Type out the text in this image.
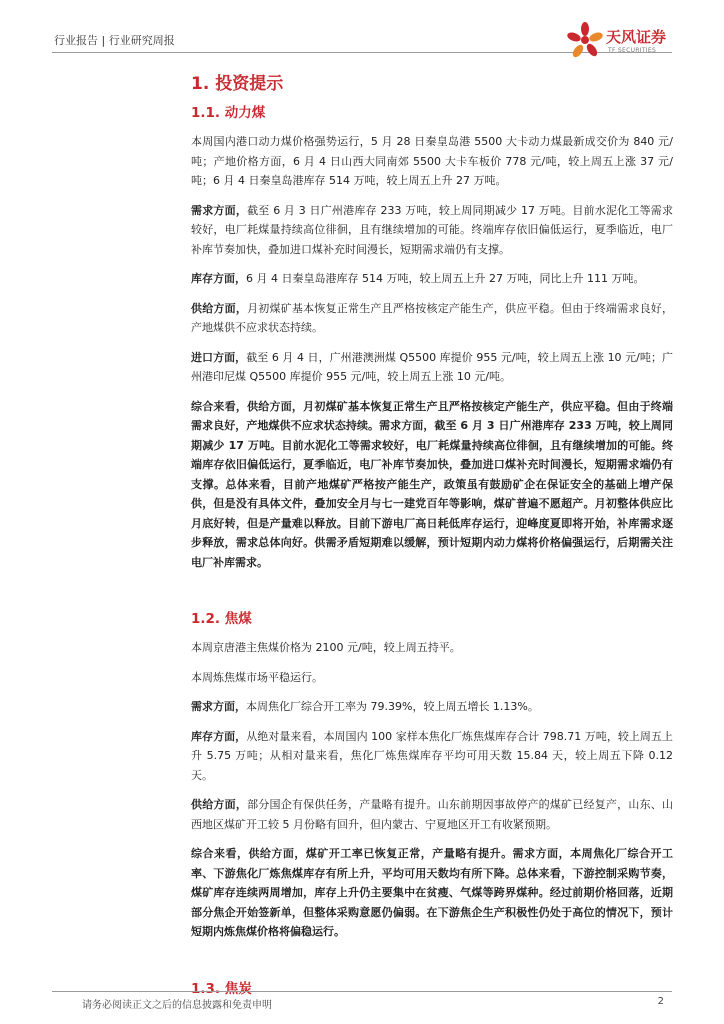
行业报告 | 行业研究周报	天风证券
TF SECURITIES
1. 投资提示
1.1. 动力煤

本周国内港口动力煤价格强势运行，5 月 28 日秦皇岛港 5500 大卡动力煤最新成交价为 840 元/吨；产地价格方面，6 月 4 日山西大同南郊 5500 大卡车板价 778 元/吨，较上周五上涨 37 元/吨；6 月 4 日秦皇岛港库存 514 万吨，较上周五上升 27 万吨。

需求方面，截至 6 月 3 日广州港库存 233 万吨，较上周同期减少 17 万吨。目前水泥化工等需求较好，电厂耗煤量持续高位徘徊，且有继续增加的可能。终端库存依旧偏低运行，夏季临近，电厂补库节奏加快，叠加进口煤补充时间漫长，短期需求端仍有支撑。

库存方面，6 月 4 日秦皇岛港库存 514 万吨，较上周五上升 27 万吨，同比上升 111 万吨。

供给方面，月初煤矿基本恢复正常生产且严格按核定产能生产，供应平稳。但由于终端需求良好，产地煤供不应求状态持续。

进口方面，截至 6 月 4 日，广州港澳洲煤 Q5500 库提价 955 元/吨，较上周五上涨 10 元/吨；广州港印尼煤 Q5500 库提价 955 元/吨，较上周五上涨 10 元/吨。

综合来看，供给方面，月初煤矿基本恢复正常生产且严格按核定产能生产，供应平稳。但由于终端需求良好，产地煤供不应求状态持续。需求方面，截至 6 月 3 日广州港库存 233 万吨，较上周同期减少 17 万吨。目前水泥化工等需求较好，电厂耗煤量持续高位徘徊，且有继续增加的可能。终端库存依旧偏低运行，夏季临近，电厂补库节奏加快，叠加进口煤补充时间漫长，短期需求端仍有支撑。总体来看，目前产地煤矿严格按产能生产，政策虽有鼓励矿企在保证安全的基础上增产保供，但是没有具体文件，叠加安全月与七一建党百年等影响，煤矿普遍不愿超产。月初整体供应比月底好转，但是产量难以释放。目前下游电厂高日耗低库存运行，迎峰度夏即将开始，补库需求逐步释放，需求总体向好。供需矛盾短期难以缓解，预计短期内动力煤将价格偏强运行，后期需关注电厂补库需求。

1.2. 焦煤

本周京唐港主焦煤价格为 2100 元/吨，较上周五持平。

本周炼焦煤市场平稳运行。

需求方面，本周焦化厂综合开工率为 79.39%，较上周五增长 1.13%。

库存方面，从绝对量来看，本周国内 100 家样本焦化厂炼焦煤库存合计 798.71 万吨，较上周五上升 5.75 万吨；从相对量来看，焦化厂炼焦煤库存平均可用天数 15.84 天，较上周五下降 0.12 天。

供给方面，部分国企有保供任务，产量略有提升。山东前期因事故停产的煤矿已经复产，山东、山西地区煤矿开工较 5 月份略有回升，但内蒙古、宁夏地区开工有收紧预期。

综合来看，供给方面，煤矿开工率已恢复正常，产量略有提升。需求方面，本周焦化厂综合开工率、下游焦化厂炼焦煤库存有所上升，平均可用天数均有所下降。总体来看，下游控制采购节奏，煤矿库存连续两周增加，库存上升仍主要集中在贫瘦、气煤等跨界煤种。经过前期价格回落，近期部分焦企开始签新单，但整体采购意愿仍偏弱。在下游焦企生产积极性仍处于高位的情况下，预计短期内炼焦煤价格将偏稳运行。

1.3. 焦炭
请务必阅读正文之后的信息披露和免责申明	2
